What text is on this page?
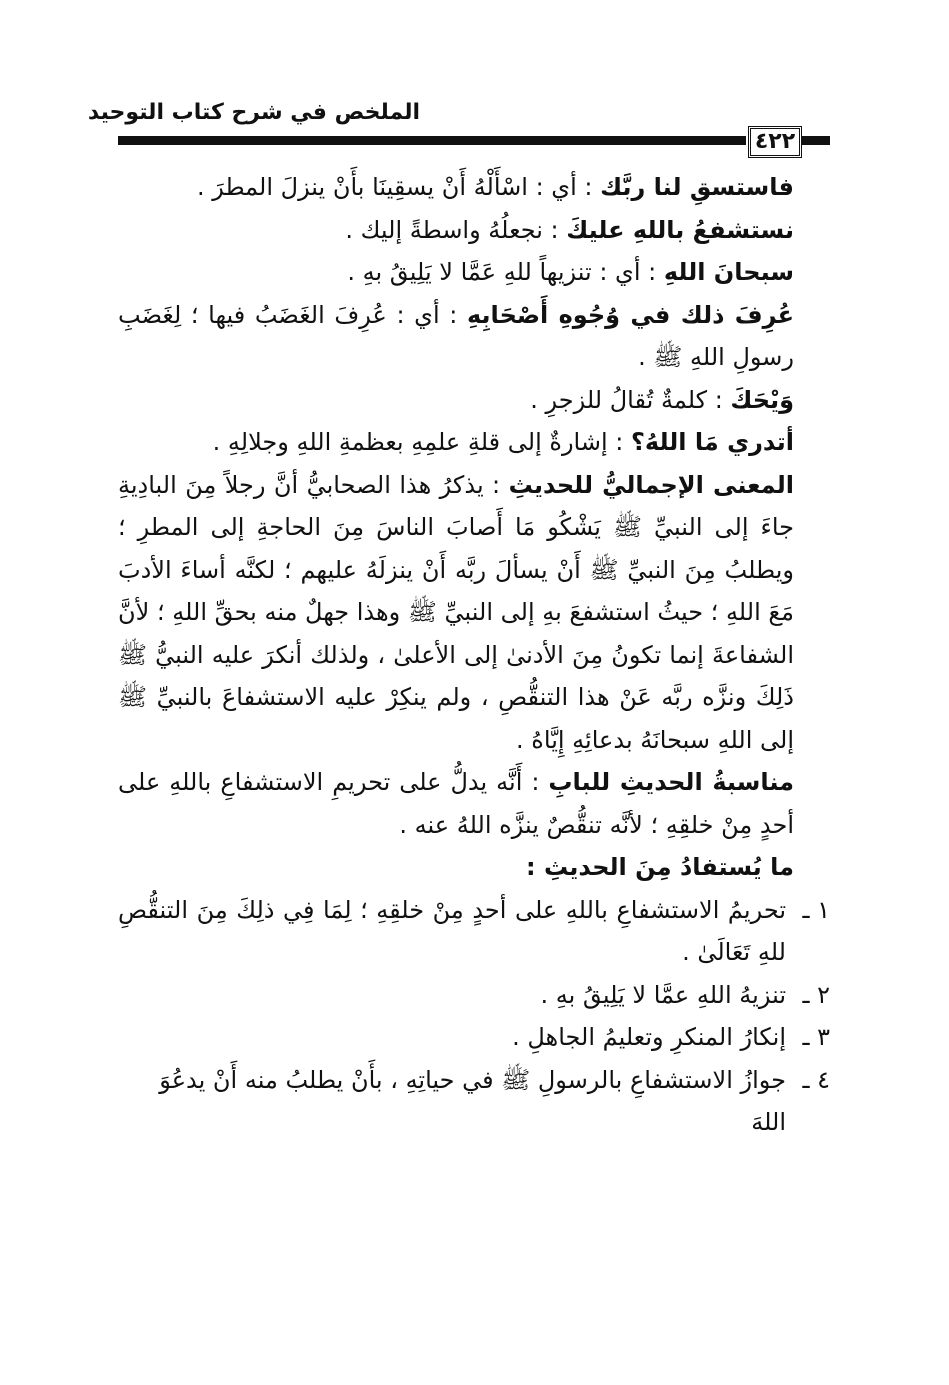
الملخص في شرح كتاب التوحيد
٤٢٢

فاستسقِ لنا ربَّك : أي : اسْأَلْهُ أَنْ يسقِينَا بأَنْ ينزلَ المطرَ .

نستشفعُ باللهِ عليكَ : نجعلُهُ واسطةً إليك .

سبحانَ اللهِ : أي : تنزيهاً للهِ عَمَّا لا يَلِيقُ بهِ .

عُرِفَ ذلك في وُجُوهِ أَصْحَابِهِ : أي : عُرِفَ الغَضَبُ فيها ؛ لِغَضَبِ رسولِ اللهِ ﷺ .

وَيْحَكَ : كلمةٌ تُقالُ للزجرِ .

أتدري مَا اللهُ؟ : إشارةٌ إلى قلةِ علمِهِ بعظمةِ اللهِ وجلالِهِ .

المعنى الإجماليُّ للحديثِ : يذكرُ هذا الصحابيُّ أنَّ رجلاً مِنَ البادِيةِ جاءَ إلى النبيِّ ﷺ يَشْكُو مَا أَصابَ الناسَ مِنَ الحاجةِ إلى المطرِ ؛ ويطلبُ مِنَ النبيِّ ﷺ أَنْ يسألَ ربَّه أَنْ ينزلَهُ عليهم ؛ لكنَّه أساءَ الأدبَ مَعَ اللهِ ؛ حيثُ استشفعَ بهِ إلى النبيِّ ﷺ وهذا جهلٌ منه بحقِّ اللهِ ؛ لأنَّ الشفاعةَ إنما تكونُ مِنَ الأدنىٰ إلى الأعلىٰ ، ولذلك أنكرَ عليه النبيُّ ﷺ ذَلِكَ ونزَّه ربَّه عَنْ هذا التنقُّصِ ، ولم ينكِرْ عليه الاستشفاعَ بالنبيِّ ﷺ إلى اللهِ سبحانَهُ بدعائِهِ إِيَّاهُ .

مناسبةُ الحديثِ للبابِ : أَنَّه يدلُّ على تحريمِ الاستشفاعِ باللهِ على أحدٍ مِنْ خلقِهِ ؛ لأنَّه تنقُّصٌ ينزَّه اللهُ عنه .

ما يُستفادُ مِنَ الحديثِ :

١ ـ
تحريمُ الاستشفاعِ باللهِ على أحدٍ مِنْ خلقِهِ ؛ لِمَا فِي ذلِكَ مِنَ التنقُّصِ للهِ تَعَالَىٰ .
٢ ـ
تنزيهُ اللهِ عمَّا لا يَلِيقُ بهِ .
٣ ـ
إنكارُ المنكرِ وتعليمُ الجاهلِ .
٤ ـ
جوازُ الاستشفاعِ بالرسولِ ﷺ في حياتِهِ ، بأَنْ يطلبُ منه أَنْ يدعُوَ اللهَ
